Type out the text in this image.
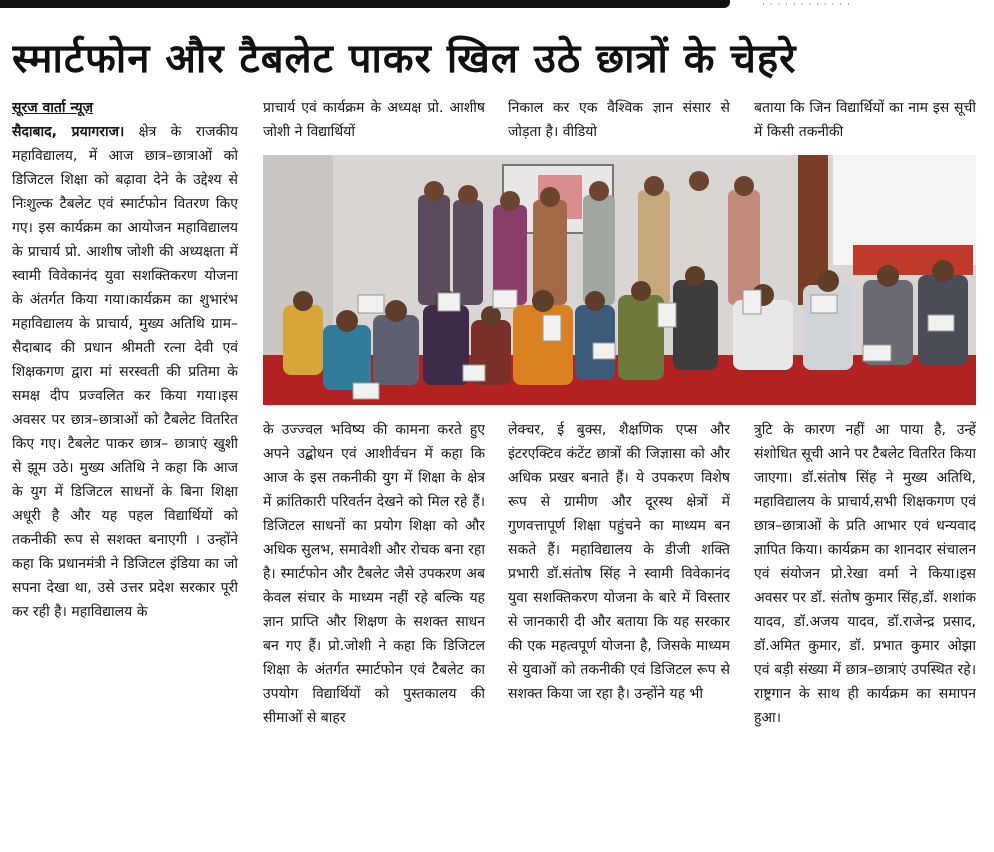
· · · · · · · · · · · ·
स्मार्टफोन और टैबलेट पाकर खिल उठे छात्रों के चेहरे
सूरज वार्ता न्यूज़
सैदाबाद, प्रयागराज। क्षेत्र के राजकीय महाविद्यालय, में आज छात्र–छात्राओं को डिजिटल शिक्षा को बढ़ावा देने के उद्देश्य से निःशुल्क टैबलेट एवं स्मार्टफोन वितरण किए गए। इस कार्यक्रम का आयोजन महाविद्यालय के प्राचार्य प्रो. आशीष जोशी की अध्यक्षता में स्वामी विवेकानंद युवा सशक्तिकरण योजना के अंतर्गत किया गया।कार्यक्रम का शुभारंभ महाविद्यालय के प्राचार्य, मुख्य अतिथि ग्राम–सैदाबाद की प्रधान श्रीमती रत्ना देवी एवं शिक्षकगण द्वारा मां सरस्वती की प्रतिमा के समक्ष दीप प्रज्वलित कर किया गया।इस अवसर पर छात्र–छात्राओं को टैबलेट वितरित किए गए। टैबलेट पाकर छात्र– छात्राएं खुशी से झूम उठे। मुख्य अतिथि ने कहा कि आज के युग में डिजिटल साधनों के बिना शिक्षा अधूरी है और यह पहल विद्यार्थियों को तकनीकी रूप से सशक्त बनाएगी । उन्होंने कहा कि प्रधानमंत्री ने डिजिटल इंडिया का जो सपना देखा था, उसे उत्तर प्रदेश सरकार पूरी कर रही है। महाविद्यालय के
प्राचार्य एवं कार्यक्रम के अध्यक्ष प्रो. आशीष जोशी ने विद्यार्थियों
निकाल कर एक वैश्विक ज्ञान संसार से जोड़ता है। वीडियो
बताया कि जिन विद्यार्थियों का नाम इस सूची में किसी तकनीकी
के उज्ज्वल भविष्य की कामना करते हुए अपने उद्बोधन एवं आशीर्वचन में कहा कि आज के इस तकनीकी युग में शिक्षा के क्षेत्र में क्रांतिकारी परिवर्तन देखने को मिल रहे हैं। डिजिटल साधनों का प्रयोग शिक्षा को और अधिक सुलभ, समावेशी और रोचक बना रहा है। स्मार्टफोन और टैबलेट जैसे उपकरण अब केवल संचार के माध्यम नहीं रहे बल्कि यह ज्ञान प्राप्ति और शिक्षण के सशक्त साधन बन गए हैं। प्रो.जोशी ने कहा कि डिजिटल शिक्षा के अंतर्गत स्मार्टफोन एवं टैबलेट का उपयोग विद्यार्थियों को पुस्तकालय की सीमाओं से बाहर
लेक्चर, ई बुक्स, शैक्षणिक एप्स और इंटरएक्टिव कंटेंट छात्रों की जिज्ञासा को और अधिक प्रखर बनाते हैं। ये उपकरण विशेष रूप से ग्रामीण और दूरस्थ क्षेत्रों में गुणवत्तापूर्ण शिक्षा पहुंचने का माध्यम बन सकते हैं। महाविद्यालय के डीजी शक्ति प्रभारी डॉ.संतोष सिंह ने स्वामी विवेकानंद युवा सशक्तिकरण योजना के बारे में विस्तार से जानकारी दी और बताया कि यह सरकार की एक महत्वपूर्ण योजना है, जिसके माध्यम से युवाओं को तकनीकी एवं डिजिटल रूप से सशक्त किया जा रहा है। उन्होंने यह भी
त्रुटि के कारण नहीं आ पाया है, उन्हें संशोधित सूची आने पर टैबलेट वितरित किया जाएगा। डॉ.संतोष सिंह ने मुख्य अतिथि, महाविद्यालय के प्राचार्य,सभी शिक्षकगण एवं छात्र–छात्राओं के प्रति आभार एवं धन्यवाद ज्ञापित किया। कार्यक्रम का शानदार संचालन एवं संयोजन प्रो.रेखा वर्मा ने किया।इस अवसर पर डॉ. संतोष कुमार सिंह,डॉ. शशांक यादव, डॉ.अजय यादव, डॉ.राजेन्द्र प्रसाद, डॉ.अमित कुमार, डॉ. प्रभात कुमार ओझा एवं बड़ी संख्या में छात्र–छात्राएं उपस्थित रहे। राष्ट्रगान के साथ ही कार्यक्रम का समापन हुआ।
